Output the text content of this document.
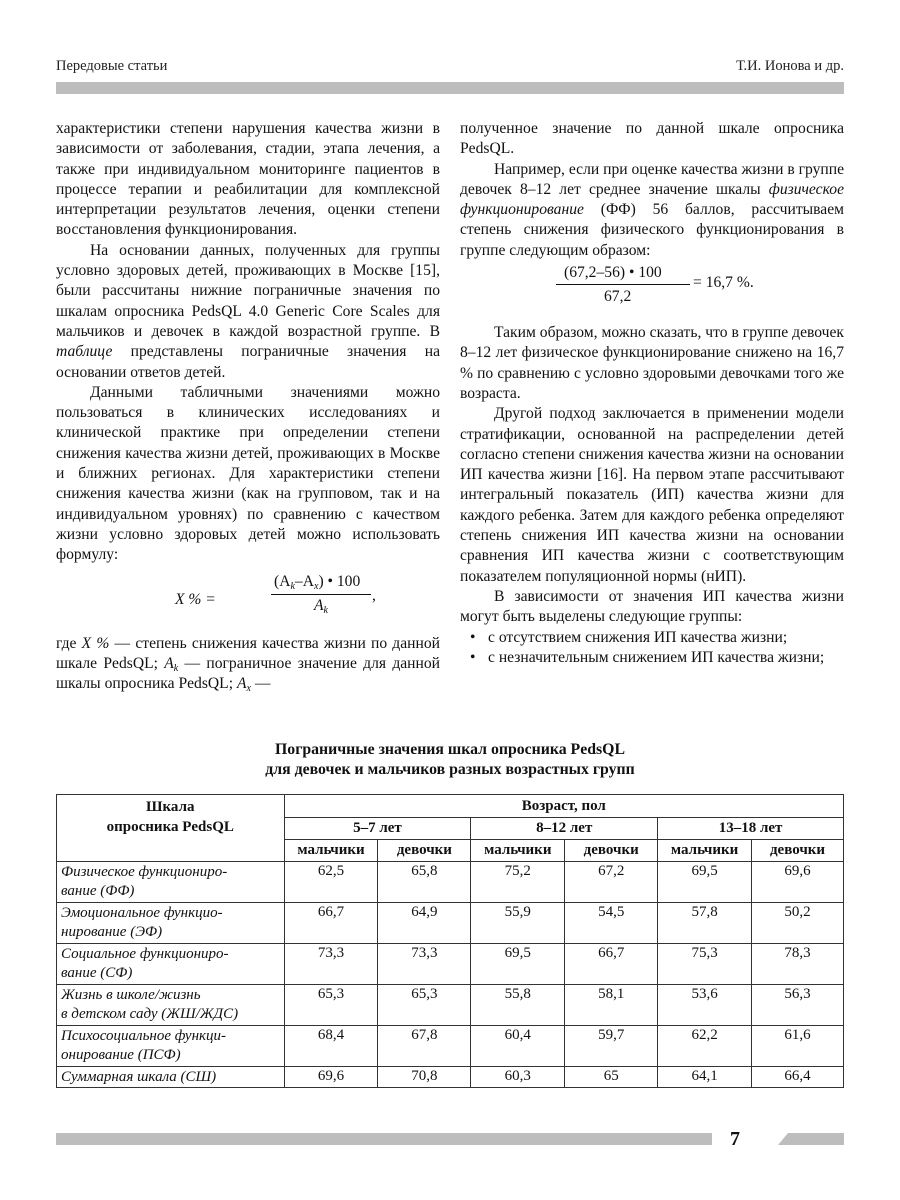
Передовые статьи	Т.И. Ионова и др.

характеристики степени нарушения качества жизни в зависимости от заболевания, стадии, этапа лечения, а также при индивидуальном мониторинге пациентов в процессе терапии и реабилитации для комплексной интерпретации результатов лечения, оценки степени восстановления функционирования.

На основании данных, полученных для группы условно здоровых детей, проживающих в Москве [15], были рассчитаны нижние пограничные значения по шкалам опросника PedsQL 4.0 Generic Core Scales для мальчиков и девочек в каждой возрастной группе. В таблице представлены пограничные значения на основании ответов детей.

Данными табличными значениями можно пользоваться в клинических исследованиях и клинической практике при определении степени снижения качества жизни детей, проживающих в Москве и ближних регионах. Для характеристики степени снижения качества жизни (как на групповом, так и на индивидуальном уровнях) по сравнению с качеством жизни условно здоровых детей можно использовать формулу:

X % =
$(A_k-A_x)$ • 100
$A_k$
,

где X % — степень снижения качества жизни по данной шкале PedsQL; $A_k$ — пограничное значение для данной шкалы опросника PedsQL; $A_x$ —

полученное значение по данной шкале опросника PedsQL.

Например, если при оценке качества жизни в группе девочек 8–12 лет среднее значение шкалы физическое функционирование (ФФ) 56 баллов, рассчитываем степень снижения физического функционирования в группе следующим образом:

(67,2–56) • 100
= 16,7 %.
67,2

Таким образом, можно сказать, что в группе девочек 8–12 лет физическое функционирование снижено на 16,7 % по сравнению с условно здоровыми девочками того же возраста.

Другой подход заключается в применении модели стратификации, основанной на распределении детей согласно степени снижения качества жизни на основании ИП качества жизни [16]. На первом этапе рассчитывают интегральный показатель (ИП) качества жизни для каждого ребенка. Затем для каждого ребенка определяют степень снижения ИП качества жизни на основании сравнения ИП качества жизни с соответствующим показателем популяционной нормы (нИП).

В зависимости от значения ИП качества жизни могут быть выделены следующие группы:

• с отсутствием снижения ИП качества жизни;
• с незначительным снижением ИП качества жизни;
Пограничные значения шкал опросника PedsQL
для девочек и мальчиков разных возрастных групп
Шкала
опросника PedsQL	Возраст, пол					
	5–7 лет		8–12 лет		13–18 лет	
	мальчики	девочки	мальчики	девочки	мальчики	девочки

Физическое функциониро-
вание (ФФ)	62,5	65,8	75,2	67,2	69,5	69,6

Эмоциональное функцио-
нирование (ЭФ)	66,7	64,9	55,9	54,5	57,8	50,2

Социальное функциониро-
вание (СФ)	73,3	73,3	69,5	66,7	75,3	78,3

Жизнь в школе/жизнь
в детском саду (ЖШ/ЖДС)	65,3	65,3	55,8	58,1	53,6	56,3

Психосоциальное функци-
онирование (ПСФ)	68,4	67,8	60,4	59,7	62,2	61,6

Суммарная шкала (СШ)	69,6	70,8	60,3	65	64,1	66,4
7
